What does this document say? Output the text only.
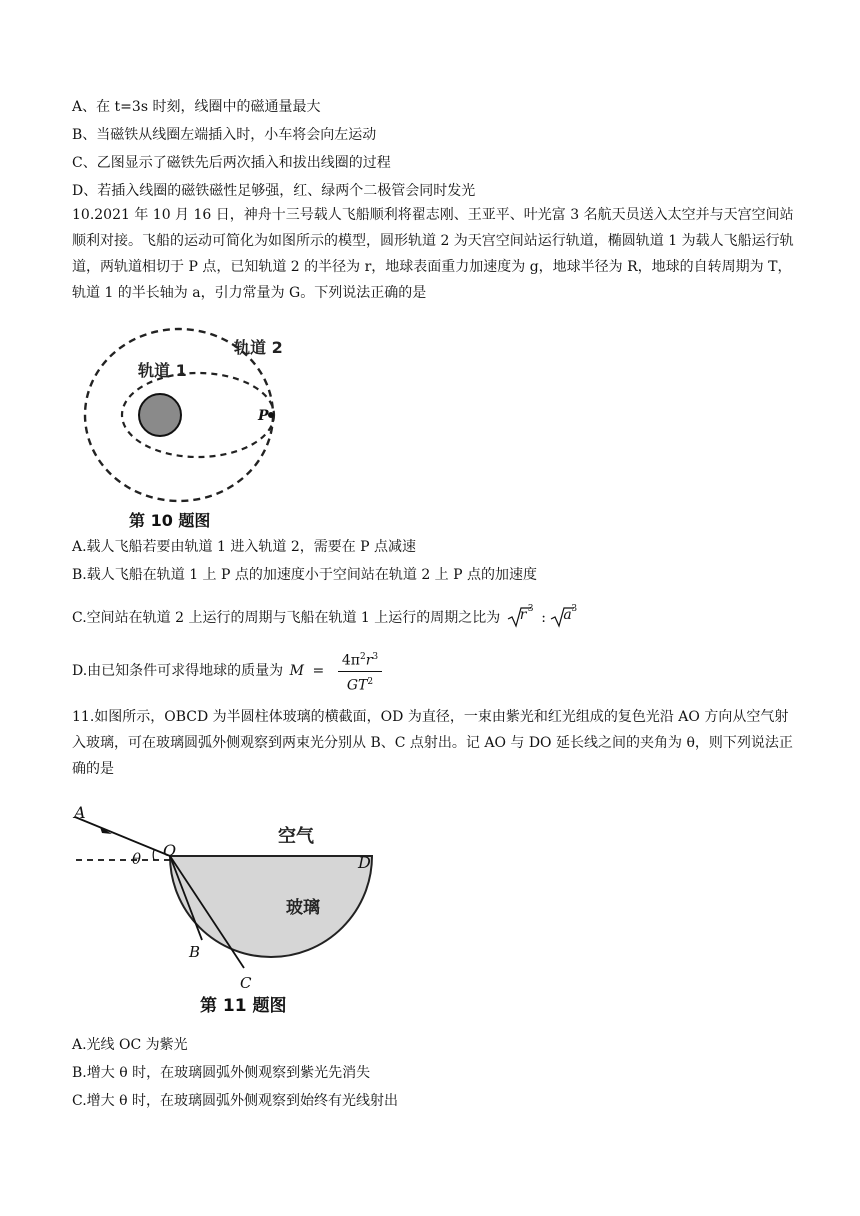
A、在 t=3s 时刻，线圈中的磁通量最大
B、当磁铁从线圈左端插入时，小车将会向左运动
C、乙图显示了磁铁先后两次插入和拔出线圈的过程
D、若插入线圈的磁铁磁性足够强，红、绿两个二极管会同时发光
10.2021 年 10 月 16 日，神舟十三号载人飞船顺利将翟志刚、王亚平、叶光富 3 名航天员送入太空并与天宫空间站顺利对接。飞船的运动可简化为如图所示的模型，圆形轨道 2 为天宫空间站运行轨道，椭圆轨道 1 为载人飞船运行轨道，两轨道相切于 P 点，已知轨道 2 的半径为 r，地球表面重力加速度为 g，地球半径为 R，地球的自转周期为 T，轨道 1 的半长轴为 a，引力常量为 G。下列说法正确的是
轨道 1
轨道 2
P
第 10 题图
A.载人飞船若要由轨道 1 进入轨道 2，需要在 P 点减速
B.载人飞船在轨道 1 上 P 点的加速度小于空间站在轨道 2 上 P 点的加速度
C.空间站在轨道 2 上运行的周期与飞船在轨道 1 上运行的周期之比为 r 3
: a 3
D.由已知条件可求得地球的质量为 M =
$4\pi^2r^3$
$GT^2$
11.如图所示，OBCD 为半圆柱体玻璃的横截面，OD 为直径，一束由紫光和红光组成的复色光沿 AO 方向从空气射入玻璃，可在玻璃圆弧外侧观察到两束光分别从 B、C 点射出。记 AO 与 DO 延长线之间的夹角为 θ，则下列说法正确的是
A
θ O
D
B
C
空气
玻璃
第 11 题图
A.光线 OC 为紫光
B.增大 θ 时，在玻璃圆弧外侧观察到紫光先消失
C.增大 θ 时，在玻璃圆弧外侧观察到始终有光线射出
